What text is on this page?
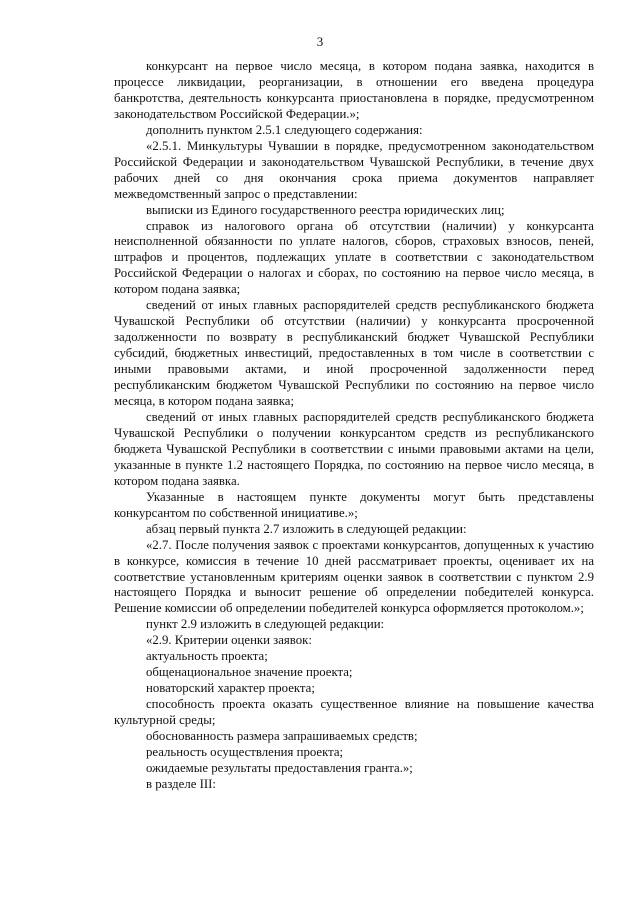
3

конкурсант на первое число месяца, в котором подана заявка, находится в процессе ликвидации, реорганизации, в отношении его введена процедура банкротства, деятельность конкурсанта приостановлена в порядке, предусмотренном законодательством Российской Федерации.»;

дополнить пунктом 2.5.1 следующего содержания:

«2.5.1. Минкультуры Чувашии в порядке, предусмотренном законодательством Российской Федерации и законодательством Чувашской Республики, в течение двух рабочих дней со дня окончания срока приема документов направляет межведомственный запрос о представлении:

выписки из Единого государственного реестра юридических лиц;

справок из налогового органа об отсутствии (наличии) у конкурсанта неисполненной обязанности по уплате налогов, сборов, страховых взносов, пеней, штрафов и процентов, подлежащих уплате в соответствии с законодательством Российской Федерации о налогах и сборах, по состоянию на первое число месяца, в котором подана заявка;

сведений от иных главных распорядителей средств республиканского бюджета Чувашской Республики об отсутствии (наличии) у конкурсанта просроченной задолженности по возврату в республиканский бюджет Чувашской Республики субсидий, бюджетных инвестиций, предоставленных в том числе в соответствии с иными правовыми актами, и иной просроченной задолженности перед республиканским бюджетом Чувашской Республики по состоянию на первое число месяца, в котором подана заявка;

сведений от иных главных распорядителей средств республиканского бюджета Чувашской Республики о получении конкурсантом средств из республиканского бюджета Чувашской Республики в соответствии с иными правовыми актами на цели, указанные в пункте 1.2 настоящего Порядка, по состоянию на первое число месяца, в котором подана заявка.

Указанные в настоящем пункте документы могут быть представлены конкурсантом по собственной инициативе.»;

абзац первый пункта 2.7 изложить в следующей редакции:

«2.7. После получения заявок с проектами конкурсантов, допущенных к участию в конкурсе, комиссия в течение 10 дней рассматривает проекты, оценивает их на соответствие установленным критериям оценки заявок в соответствии с пунктом 2.9 настоящего Порядка и выносит решение об определении победителей конкурса. Решение комиссии об определении победителей конкурса оформляется протоколом.»;

пункт 2.9 изложить в следующей редакции:

«2.9. Критерии оценки заявок:

актуальность проекта;

общенациональное значение проекта;

новаторский характер проекта;

способность проекта оказать существенное влияние на повышение качества культурной среды;

обоснованность размера запрашиваемых средств;

реальность осуществления проекта;

ожидаемые результаты предоставления гранта.»;

в разделе III:
